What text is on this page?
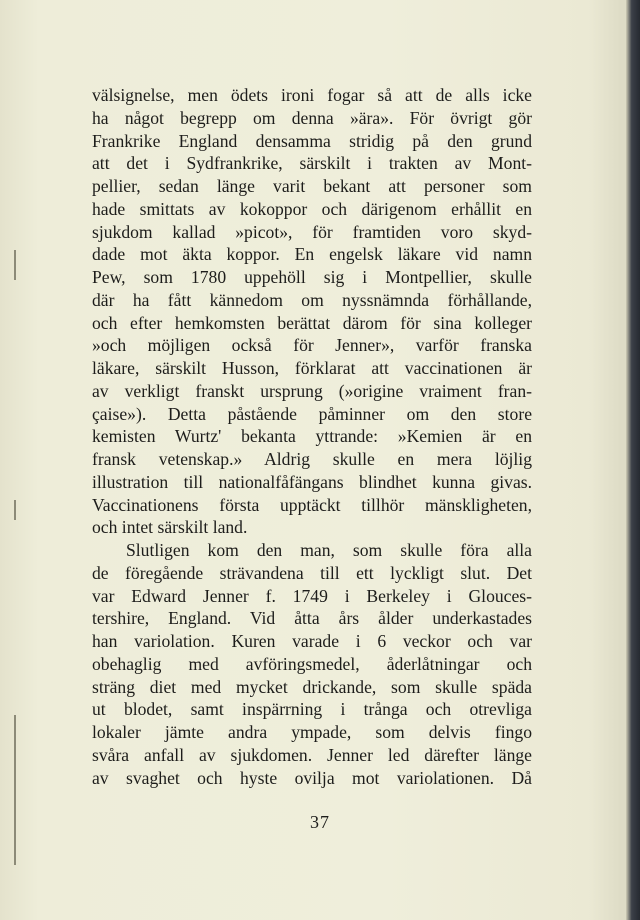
välsignelse, men ödets ironi fogar så att de alls icke
ha något begrepp om denna »ära». För övrigt gör
Frankrike England densamma stridig på den grund
att det i Sydfrankrike, särskilt i trakten av Mont-
pellier, sedan länge varit bekant att personer som
hade smittats av kokoppor och därigenom erhållit en
sjukdom kallad »picot», för framtiden voro skyd-
dade mot äkta koppor. En engelsk läkare vid namn
Pew, som 1780 uppehöll sig i Montpellier, skulle
där ha fått kännedom om nyssnämnda förhållande,
och efter hemkomsten berättat därom för sina kolleger
»och möjligen också för Jenner», varför franska
läkare, särskilt Husson, förklarat att vaccinationen är
av verkligt franskt ursprung (»origine vraiment fran-
çaise»). Detta påstående påminner om den store
kemisten Wurtz' bekanta yttrande: »Kemien är en
fransk vetenskap.» Aldrig skulle en mera löjlig
illustration till nationalfåfängans blindhet kunna givas.
Vaccinationens första upptäckt tillhör mänskligheten,
och intet särskilt land.
Slutligen kom den man, som skulle föra alla
de föregående strävandena till ett lyckligt slut. Det
var Edward Jenner f. 1749 i Berkeley i Glouces-
tershire, England. Vid åtta års ålder underkastades
han variolation. Kuren varade i 6 veckor och var
obehaglig med avföringsmedel, åderlåtningar och
sträng diet med mycket drickande, som skulle späda
ut blodet, samt inspärrning i trånga och otrevliga
lokaler jämte andra ympade, som delvis fingo
svåra anfall av sjukdomen. Jenner led därefter länge
av svaghet och hyste ovilja mot variolationen. Då
37
